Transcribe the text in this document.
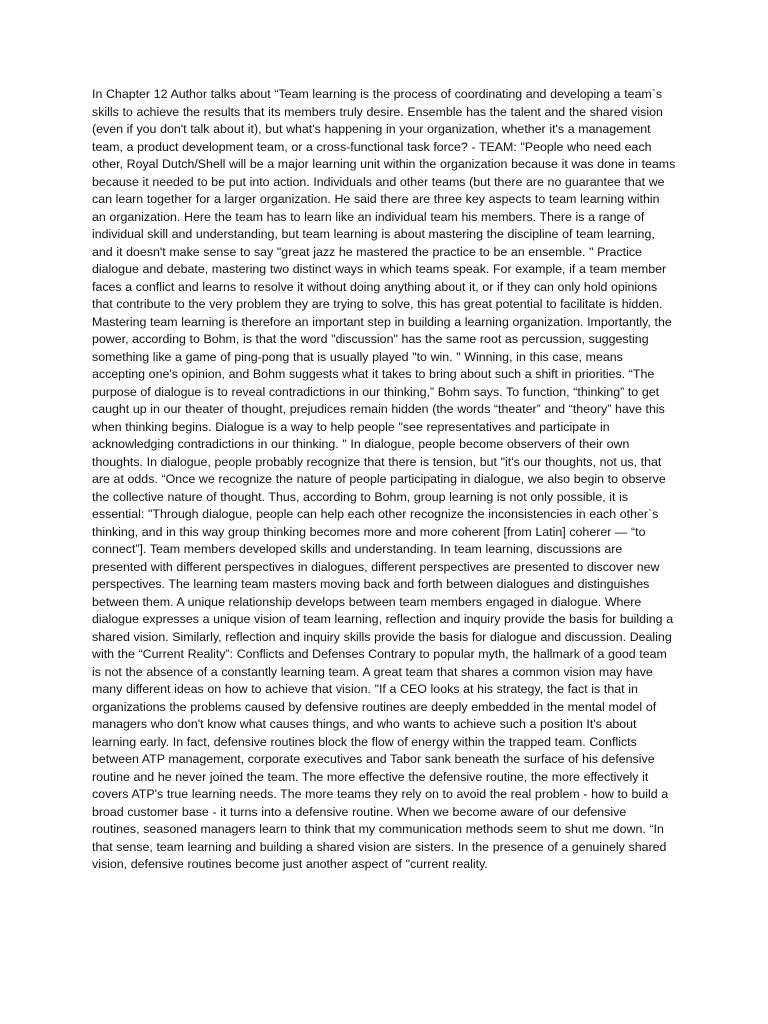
In Chapter 12 Author talks about “Team learning is the process of coordinating and developing a team`s skills to achieve the results that its members truly desire. Ensemble has the talent and the shared vision (even if you don't talk about it), but what's happening in your organization, whether it's a management team, a product development team, or a cross-functional task force? - TEAM: "People who need each other, Royal Dutch/Shell will be a major learning unit within the organization because it was done in teams because it needed to be put into action. Individuals and other teams (but there are no guarantee that we can learn together for a larger organization. He said there are three key aspects to team learning within an organization. Here the team has to learn like an individual team his members. There is a range of individual skill and understanding, but team learning is about mastering the discipline of team learning, and it doesn't make sense to say "great jazz he mastered the practice to be an ensemble. " Practice dialogue and debate, mastering two distinct ways in which teams speak. For example, if a team member faces a conflict and learns to resolve it without doing anything about it, or if they can only hold opinions that contribute to the very problem they are trying to solve, this has great potential to facilitate is hidden.  Mastering team learning is therefore an important step in building a learning organization. Importantly, the power, according to Bohm, is that the word "discussion" has the same root as percussion, suggesting something like a game of ping-pong that is usually played "to win. " Winning, in this case, means accepting one's opinion, and Bohm suggests what it takes to bring about such a shift in priorities. “The purpose of dialogue is to reveal contradictions in our thinking,” Bohm says. To function, “thinking” to get caught up in our theater of thought, prejudices remain hidden (the words “theater” and “theory” have this when thinking begins. Dialogue is a way to help people "see representatives and participate in acknowledging contradictions in our thinking. " In dialogue, people become observers of their own thoughts. In dialogue, people probably recognize that there is tension, but "it's our thoughts, not us, that are at odds. “Once we recognize the nature of people participating in dialogue, we also begin to observe the collective nature of thought. Thus, according to Bohm, group learning is not only possible, it is essential: "Through dialogue, people can help each other recognize the inconsistencies in each other`s thinking, and in this way group thinking becomes more and more coherent [from Latin] coherer — “to connect”]. Team members developed skills and understanding. In team learning, discussions are presented with different perspectives in dialogues, different perspectives are presented to discover new perspectives. The learning team masters moving back and forth between dialogues and distinguishes between them. A unique relationship develops between team members engaged in dialogue. Where dialogue expresses a unique vision of team learning, reflection and inquiry provide the basis for building a shared vision. Similarly, reflection and inquiry skills provide the basis for dialogue and discussion. Dealing with the “Current Reality”: Conflicts and Defenses Contrary to popular myth, the hallmark of a good team is not the absence of a constantly learning team. A great team that shares a common vision may have many different ideas on how to achieve that vision. "If a CEO looks at his strategy, the fact is that in organizations the problems caused by defensive routines are deeply embedded in the mental model of managers who don't know what causes things, and who wants to achieve such a position It's about learning early. In fact, defensive routines block the flow of energy within the trapped team. Conflicts between ATP management, corporate executives and Tabor sank beneath the surface of his defensive routine and he never joined the team. The more effective the defensive routine, the more effectively it covers ATP's true learning needs. The more teams they rely on to avoid the real problem - how to build a broad customer base - it turns into a defensive routine. When we become aware of our defensive routines, seasoned managers learn to think that my communication methods seem to shut me down. “In that sense, team learning and building a shared vision are sisters. In the presence of a genuinely shared vision, defensive routines become just another aspect of "current reality.
